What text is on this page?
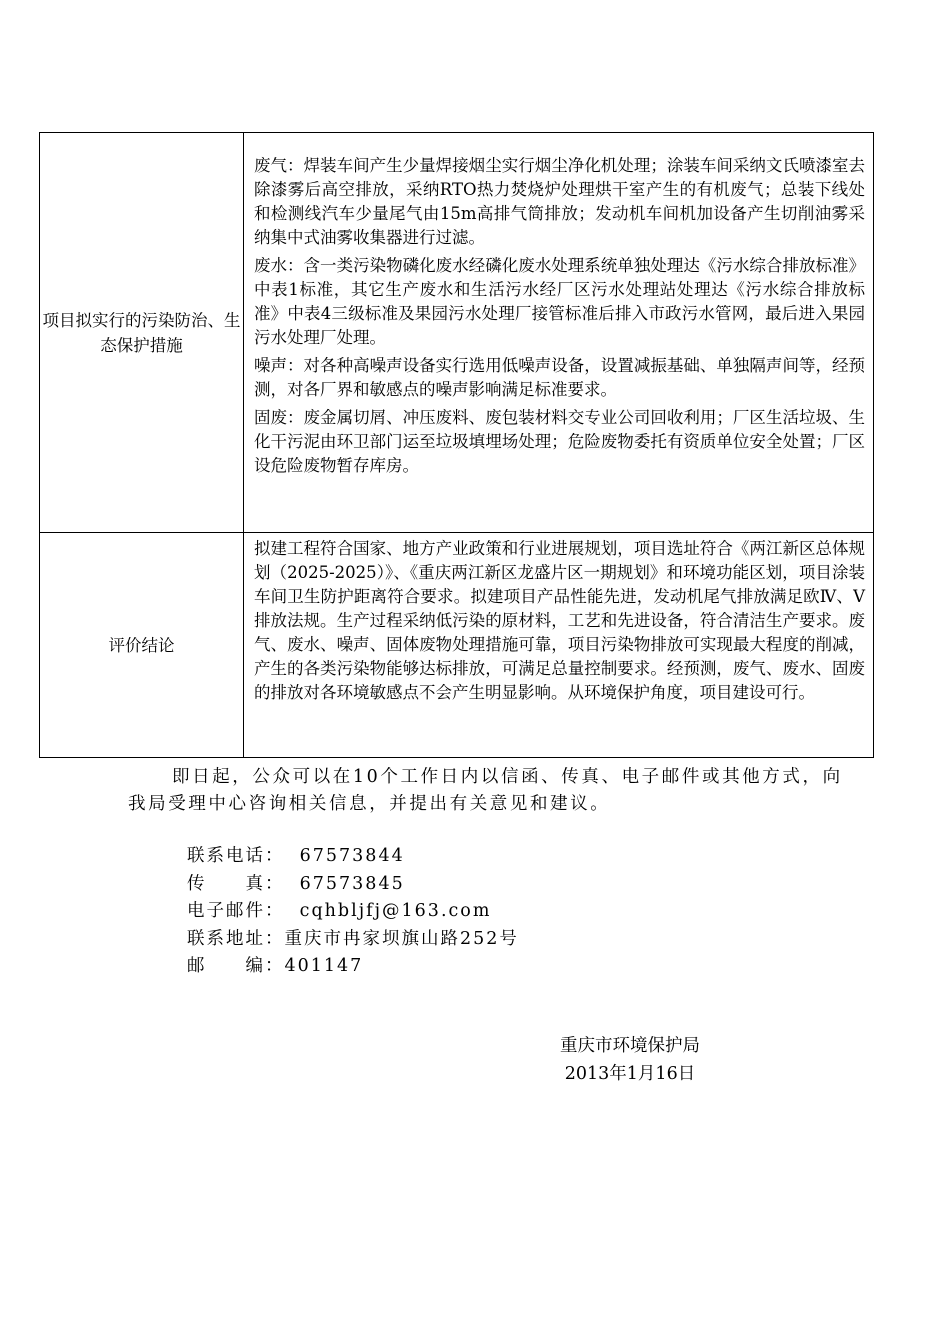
项目拟实行的污染防治、生态保护措施	废气：焊装车间产生少量焊接烟尘实行烟尘净化机处理；涂装车间采纳文氏喷漆室去除漆雾后高空排放，采纳RTO热力焚烧炉处理烘干室产生的有机废气；总装下线处和检测线汽车少量尾气由15m高排气筒排放；发动机车间机加设备产生切削油雾采纳集中式油雾收集器进行过滤。

废水：含一类污染物磷化废水经磷化废水处理系统单独处理达《污水综合排放标准》中表1标准，其它生产废水和生活污水经厂区污水处理站处理达《污水综合排放标准》中表4三级标准及果园污水处理厂接管标准后排入市政污水管网，最后进入果园污水处理厂处理。

噪声：对各种高噪声设备实行选用低噪声设备，设置减振基础、单独隔声间等，经预测，对各厂界和敏感点的噪声影响满足标准要求。

固废：废金属切屑、冲压废料、废包装材料交专业公司回收利用；厂区生活垃圾、生化干污泥由环卫部门运至垃圾填埋场处理；危险废物委托有资质单位安全处置；厂区设危险废物暂存库房。

评价结论	拟建工程符合国家、地方产业政策和行业进展规划，项目选址符合《两江新区总体规划（2025-2025）》、《重庆两江新区龙盛片区一期规划》和环境功能区划，项目涂装车间卫生防护距离符合要求。拟建项目产品性能先进，发动机尾气排放满足欧Ⅳ、Ⅴ排放法规。生产过程采纳低污染的原材料，工艺和先进设备，符合清洁生产要求。废气、废水、噪声、固体废物处理措施可靠，项目污染物排放可实现最大程度的削减，产生的各类污染物能够达标排放，可满足总量控制要求。经预测，废气、废水、固废的排放对各环境敏感点不会产生明显影响。从环境保护角度，项目建设可行。
即日起，公众可以在10个工作日内以信函、传真、电子邮件或其他方式，向我局受理中心咨询相关信息，并提出有关意见和建议。
联系电话： 67573844
传　　真： 67573845
电子邮件： cqhbljfj@163.com
联系地址：重庆市冉家坝旗山路252号
邮　　编：401147
重庆市环境保护局
2013年1月16日
